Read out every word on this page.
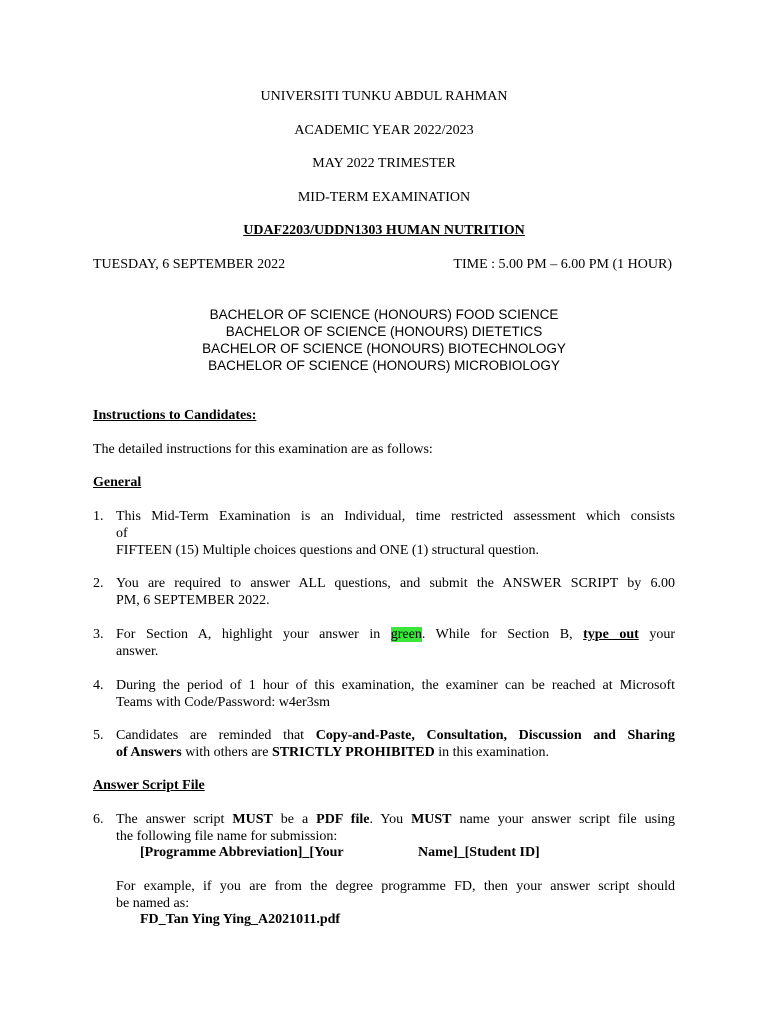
UNIVERSITI TUNKU ABDUL RAHMAN
ACADEMIC YEAR 2022/2023
MAY 2022 TRIMESTER
MID-TERM EXAMINATION
UDAF2203/UDDN1303 HUMAN NUTRITION
TUESDAY, 6 SEPTEMBER 2022	TIME : 5.00 PM – 6.00 PM (1 HOUR)
BACHELOR OF SCIENCE (HONOURS) FOOD SCIENCE
BACHELOR OF SCIENCE (HONOURS) DIETETICS
BACHELOR OF SCIENCE (HONOURS) BIOTECHNOLOGY
BACHELOR OF SCIENCE (HONOURS) MICROBIOLOGY
Instructions to Candidates:
The detailed instructions for this examination are as follows:
General
1. This Mid-Term Examination is an Individual, time restricted assessment which consists
of
FIFTEEN (15) Multiple choices questions and ONE (1) structural question.
2. You are required to answer ALL questions, and submit the ANSWER SCRIPT by 6.00
PM, 6 SEPTEMBER 2022.
3. For Section A, highlight your answer in green. While for Section B, type out your
answer.
4. During the period of 1 hour of this examination, the examiner can be reached at Microsoft
Teams with Code/Password: w4er3sm
5. Candidates are reminded that Copy-and-Paste, Consultation, Discussion and Sharing
of Answers with others are STRICTLY PROHIBITED in this examination.
Answer Script File
6. The answer script MUST be a PDF file. You MUST name your answer script file using
the following file name for submission:
[Programme Abbreviation]_[Your	Name]_[Student ID]
For example, if you are from the degree programme FD, then your answer script should
be named as:
FD_Tan Ying Ying_A2021011.pdf
